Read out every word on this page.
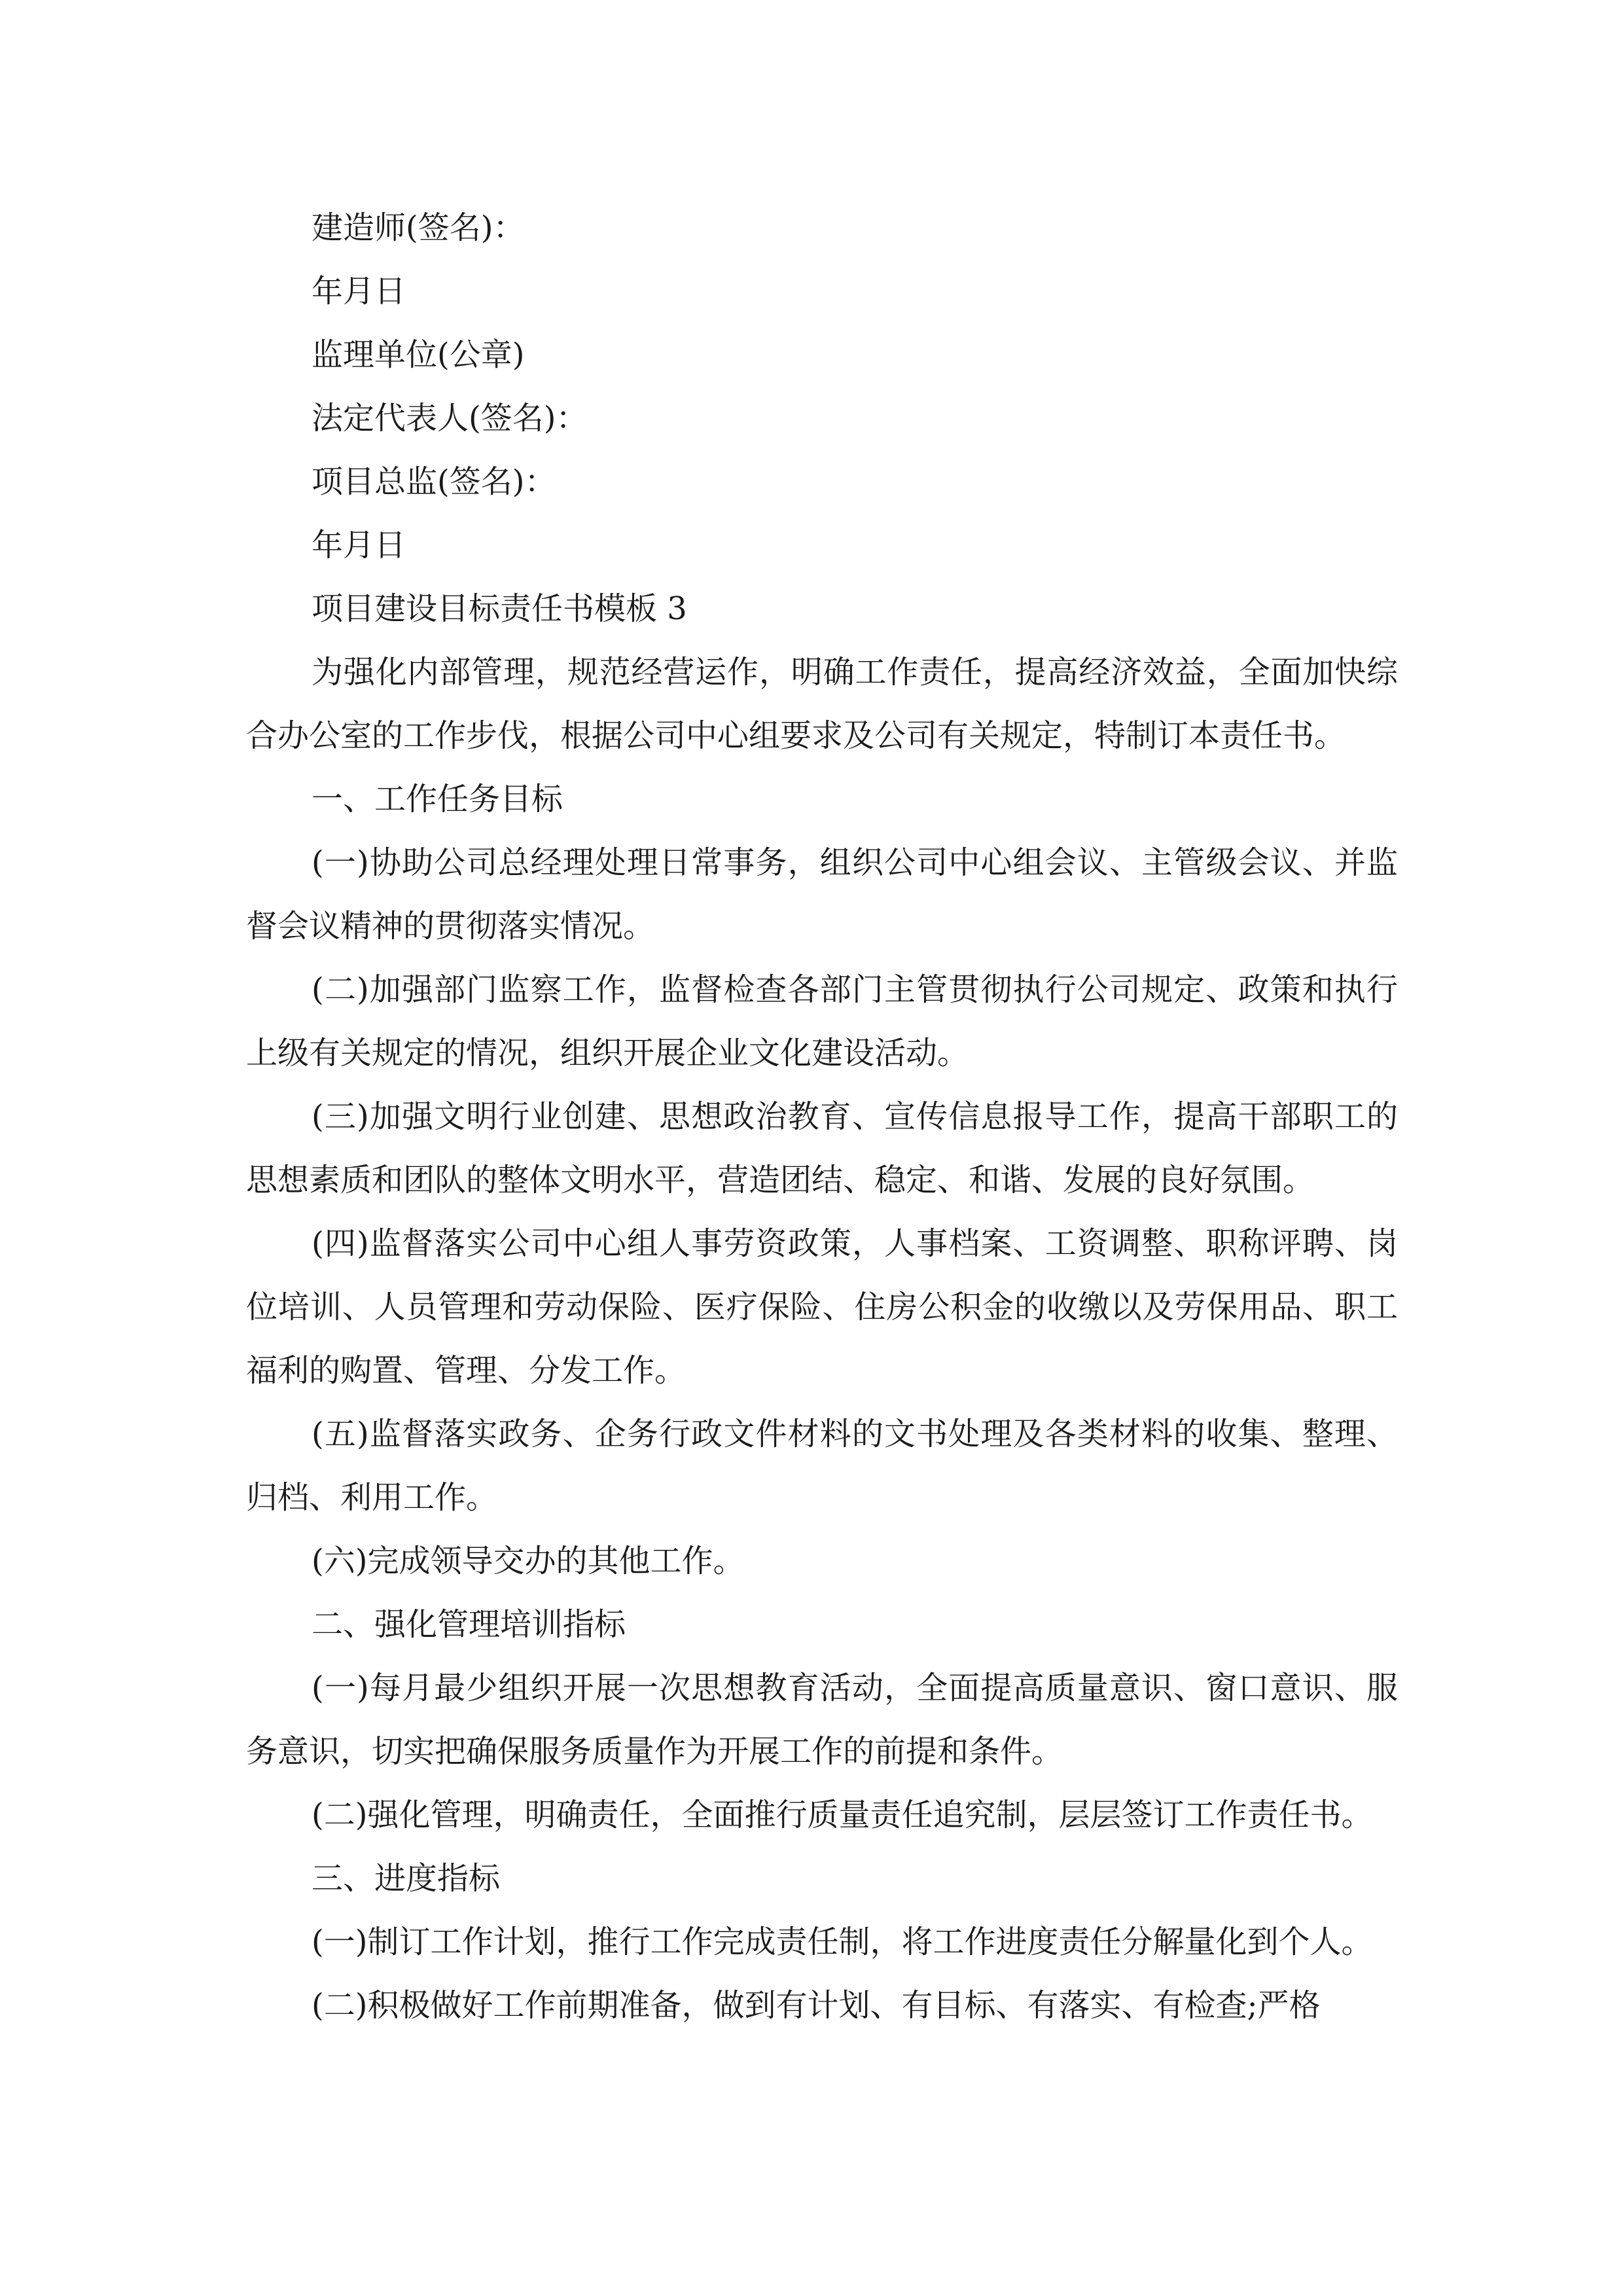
建造师(签名)：

年月日

监理单位(公章)

法定代表人(签名)：

项目总监(签名)：

年月日

项目建设目标责任书模板 3

为强化内部管理，规范经营运作，明确工作责任，提高经济效益，全面加快综合办公室的工作步伐，根据公司中心组要求及公司有关规定，特制订本责任书。

一、工作任务目标

(一)协助公司总经理处理日常事务，组织公司中心组会议、主管级会议、并监督会议精神的贯彻落实情况。

(二)加强部门监察工作，监督检查各部门主管贯彻执行公司规定、政策和执行上级有关规定的情况，组织开展企业文化建设活动。

(三)加强文明行业创建、思想政治教育、宣传信息报导工作，提高干部职工的思想素质和团队的整体文明水平，营造团结、稳定、和谐、发展的良好氛围。

(四)监督落实公司中心组人事劳资政策，人事档案、工资调整、职称评聘、岗位培训、人员管理和劳动保险、医疗保险、住房公积金的收缴以及劳保用品、职工福利的购置、管理、分发工作。

(五)监督落实政务、企务行政文件材料的文书处理及各类材料的收集、整理、归档、利用工作。

(六)完成领导交办的其他工作。

二、强化管理培训指标

(一)每月最少组织开展一次思想教育活动，全面提高质量意识、窗口意识、服务意识，切实把确保服务质量作为开展工作的前提和条件。

(二)强化管理，明确责任，全面推行质量责任追究制，层层签订工作责任书。

三、进度指标

(一)制订工作计划，推行工作完成责任制，将工作进度责任分解量化到个人。

(二)积极做好工作前期准备，做到有计划、有目标、有落实、有检查;严格
